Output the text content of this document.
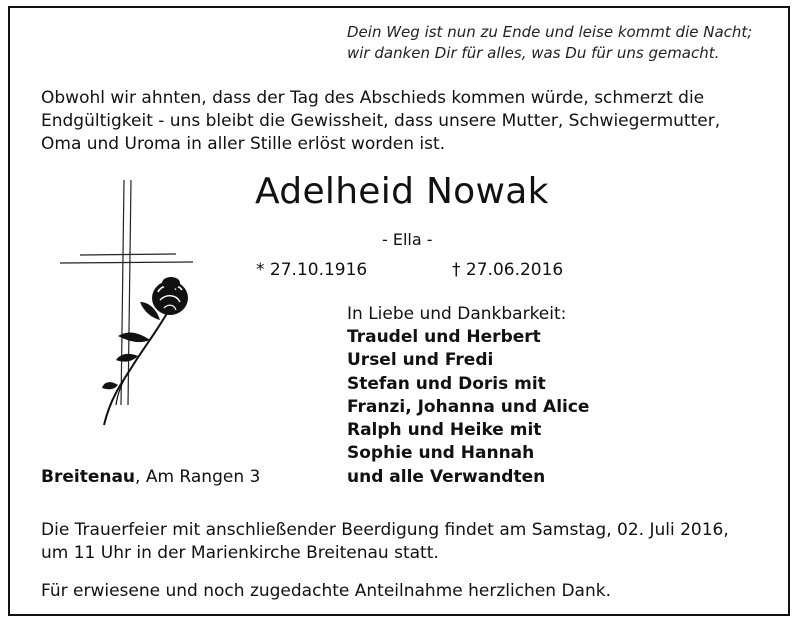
Dein Weg ist nun zu Ende und leise kommt die Nacht;
wir danken Dir für alles, was Du für uns gemacht.
Obwohl wir ahnten, dass der Tag des Abschieds kommen würde, schmerzt die
Endgültigkeit - uns bleibt die Gewissheit, dass unsere Mutter, Schwiegermutter,
Oma und Uroma in aller Stille erlöst worden ist.
Adelheid Nowak
- Ella -
* 27.10.1916	† 27.06.2016
In Liebe und Dankbarkeit:
Traudel und Herbert
Ursel und Fredi
Stefan und Doris mit
Franzi, Johanna und Alice
Ralph und Heike mit
Sophie und Hannah
und alle Verwandten
Breitenau, Am Rangen 3
Die Trauerfeier mit anschließender Beerdigung findet am Samstag, 02. Juli 2016,
um 11 Uhr in der Marienkirche Breitenau statt.
Für erwiesene und noch zugedachte Anteilnahme herzlichen Dank.
